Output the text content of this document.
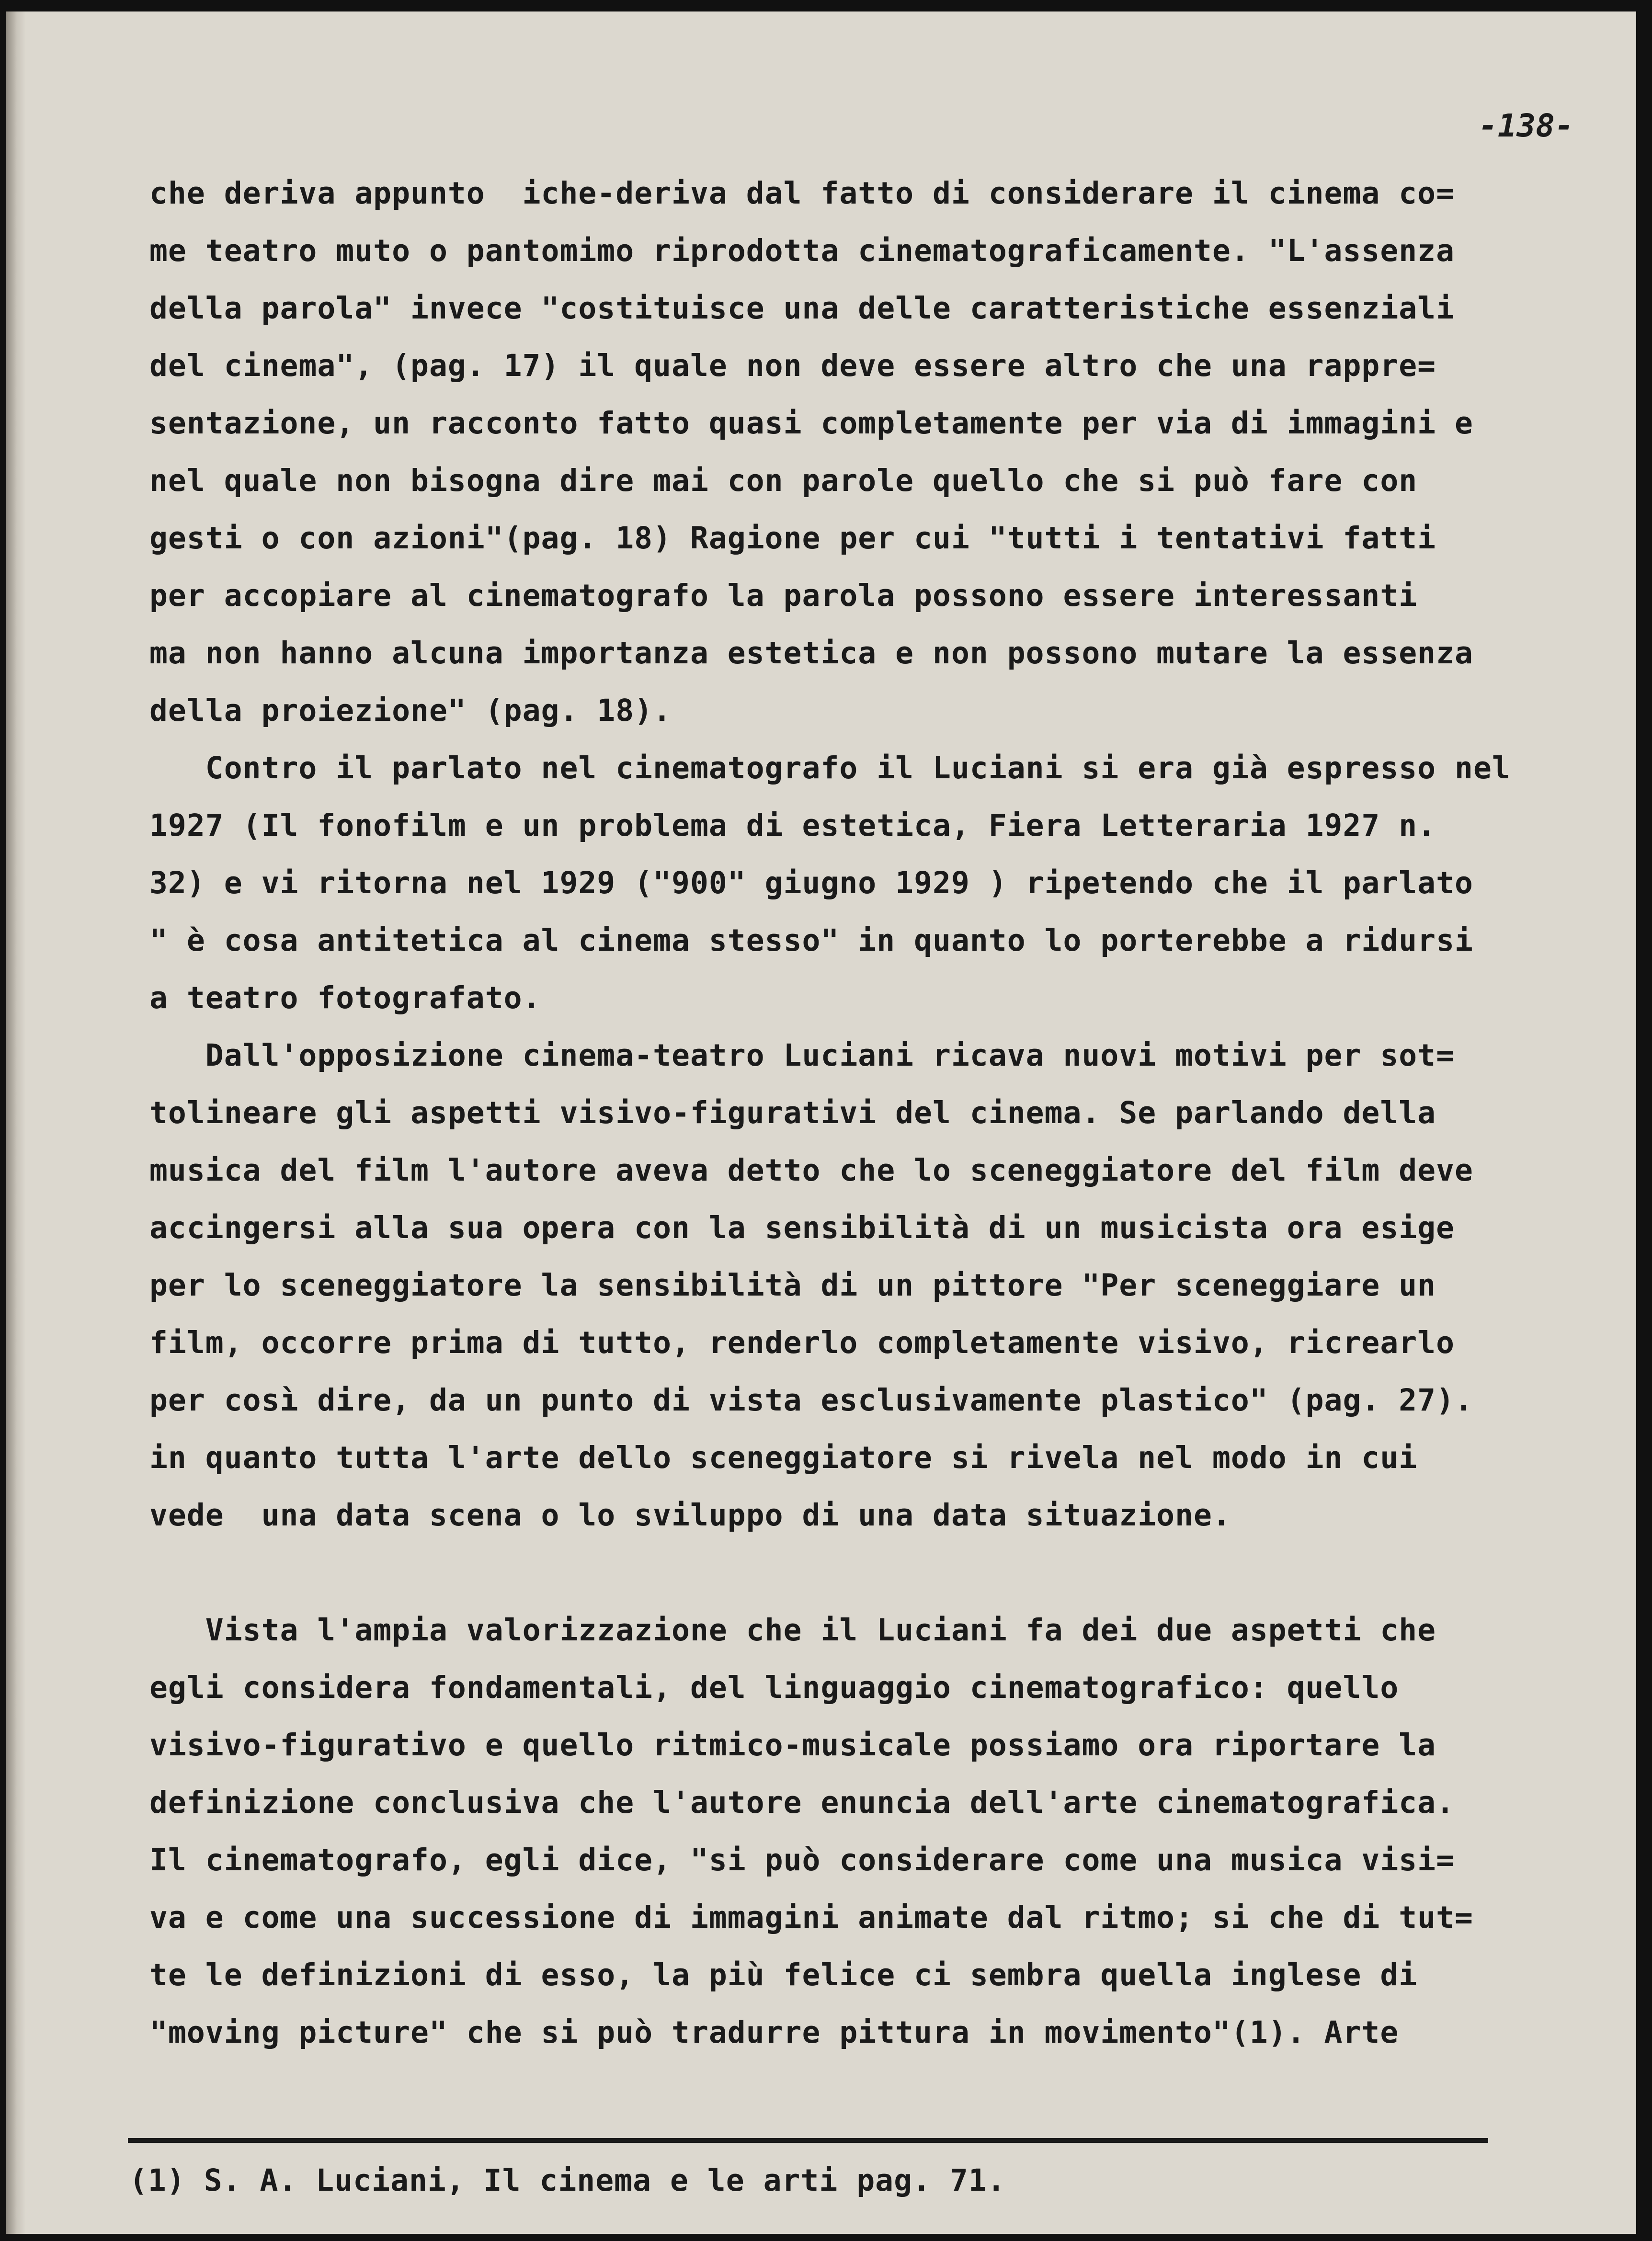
-138-
che deriva appunto  iche-deriva dal fatto di considerare il cinema co=
me teatro muto o pantomimo riprodotta cinematograficamente. "L'assenza
della parola" invece "costituisce una delle caratteristiche essenziali
del cinema", (pag. 17) il quale non deve essere altro che una rappre=
sentazione, un racconto fatto quasi completamente per via di immagini e
nel quale non bisogna dire mai con parole quello che si può fare con
gesti o con azioni"(pag. 18) Ragione per cui "tutti i tentativi fatti
per accopiare al cinematografo la parola possono essere interessanti
ma non hanno alcuna importanza estetica e non possono mutare la essenza
della proiezione" (pag. 18).
Contro il parlato nel cinematografo il Luciani si era già espresso nel
1927 (Il fonofilm e un problema di estetica, Fiera Letteraria 1927 n.
32) e vi ritorna nel 1929 ("900" giugno 1929 ) ripetendo che il parlato
" è cosa antitetica al cinema stesso" in quanto lo porterebbe a ridursi
a teatro fotografato.
Dall'opposizione cinema-teatro Luciani ricava nuovi motivi per sot=
tolineare gli aspetti visivo-figurativi del cinema. Se parlando della
musica del film l'autore aveva detto che lo sceneggiatore del film deve
accingersi alla sua opera con la sensibilità di un musicista ora esige
per lo sceneggiatore la sensibilità di un pittore "Per sceneggiare un
film, occorre prima di tutto, renderlo completamente visivo, ricrearlo
per così dire, da un punto di vista esclusivamente plastico" (pag. 27).
in quanto tutta l'arte dello sceneggiatore si rivela nel modo in cui
vede  una data scena o lo sviluppo di una data situazione.
Vista l'ampia valorizzazione che il Luciani fa dei due aspetti che
egli considera fondamentali, del linguaggio cinematografico: quello
visivo-figurativo e quello ritmico-musicale possiamo ora riportare la
definizione conclusiva che l'autore enuncia dell'arte cinematografica.
Il cinematografo, egli dice, "si può considerare come una musica visi=
va e come una successione di immagini animate dal ritmo; si che di tut=
te le definizioni di esso, la più felice ci sembra quella inglese di
"moving picture" che si può tradurre pittura in movimento"(1). Arte
(1) S. A. Luciani, Il cinema e le arti pag. 71.
